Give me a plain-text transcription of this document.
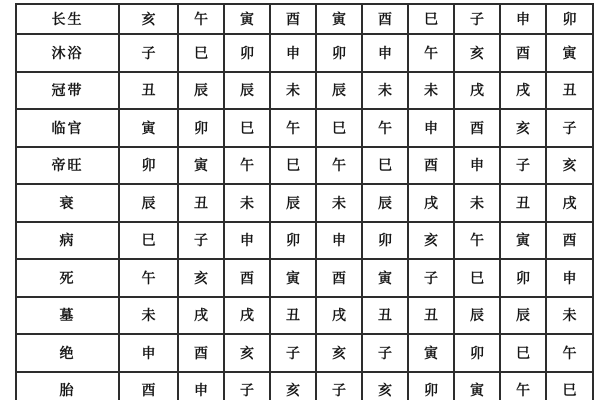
长生	亥	午	寅	酉	寅	酉	巳	子	申	卯
沐浴	子	巳	卯	申	卯	申	午	亥	酉	寅
冠带	丑	辰	辰	未	辰	未	未	戌	戌	丑
临官	寅	卯	巳	午	巳	午	申	酉	亥	子
帝旺	卯	寅	午	巳	午	巳	酉	申	子	亥
衰	辰	丑	未	辰	未	辰	戌	未	丑	戌
病	巳	子	申	卯	申	卯	亥	午	寅	酉
死	午	亥	酉	寅	酉	寅	子	巳	卯	申
墓	未	戌	戌	丑	戌	丑	丑	辰	辰	未
绝	申	酉	亥	子	亥	子	寅	卯	巳	午
胎	酉	申	子	亥	子	亥	卯	寅	午	巳
